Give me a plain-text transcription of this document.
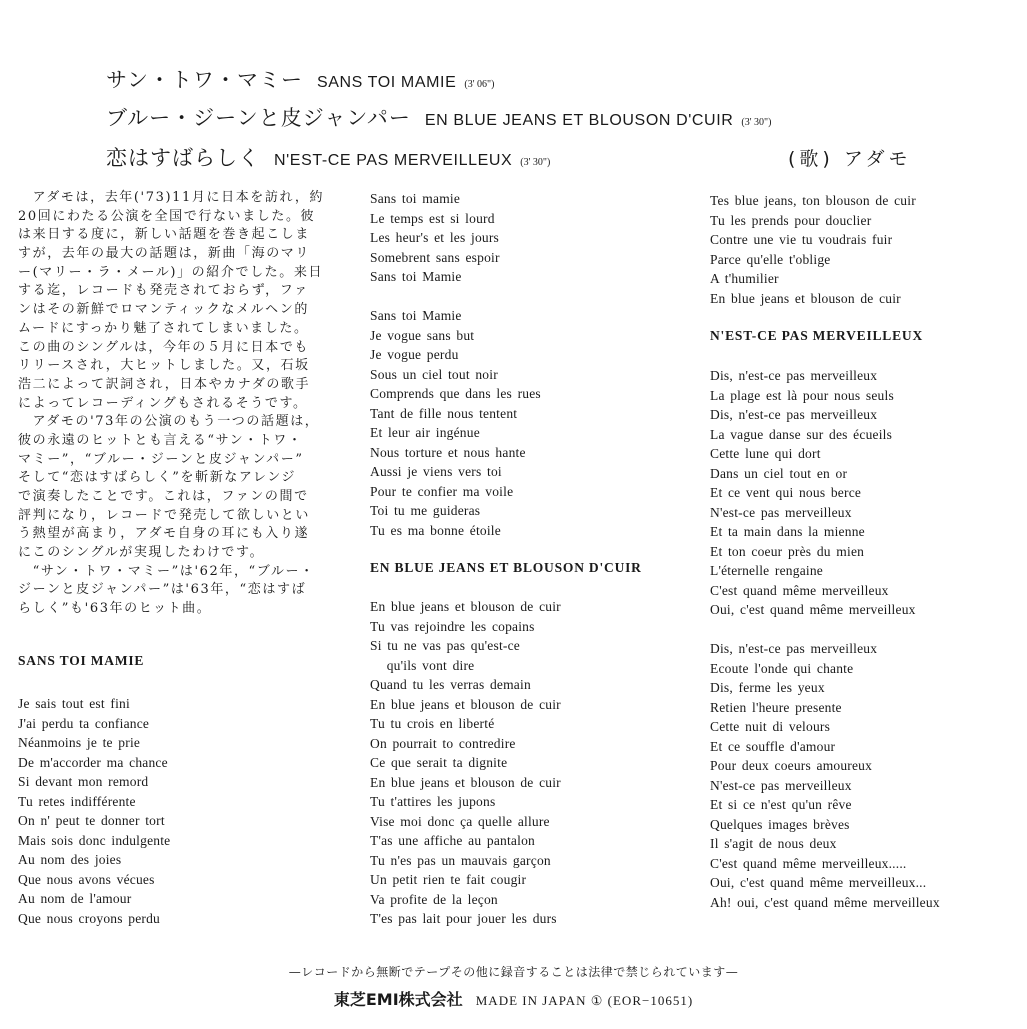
サン・トワ・マミー SANS TOI MAMIE (3' 06")
ブルー・ジーンと皮ジャンパー EN BLUE JEANS ET BLOUSON D'CUIR (3' 30")
恋はすばらしく N'EST-CE PAS MERVEILLEUX (3' 30")	(歌) アダモ
　アダモは，去年('73)11月に日本を訪れ，約
20回にわたる公演を全国で行ないました。彼
は来日する度に，新しい話題を巻き起こしま
すが，去年の最大の話題は，新曲「海のマリ
ー(マリー・ラ・メール)」の紹介でした。来日
する迄，レコードも発売されておらず，ファ
ンはその新鮮でロマンティックなメルヘン的
ムードにすっかり魅了されてしまいました。
この曲のシングルは，今年の５月に日本でも
リリースされ，大ヒットしました。又，石坂
浩二によって訳詞され，日本やカナダの歌手
によってレコーディングもされるそうです。
　アダモの'73年の公演のもう一つの話題は，
彼の永遠のヒットとも言える“サン・トワ・
マミー”，“ブルー・ジーンと皮ジャンパー”
そして“恋はすばらしく”を斬新なアレンジ
で演奏したことです。これは，ファンの間で
評判になり，レコードで発売して欲しいとい
う熱望が高まり，アダモ自身の耳にも入り遂
にこのシングルが実現したわけです。
　“サン・トワ・マミー”は'62年，“ブルー・
ジーンと皮ジャンパー”は'63年，“恋はすば
らしく”も'63年のヒット曲。
SANS TOI MAMIE
Je sais tout est fini
J'ai perdu ta confiance
Néanmoins je te prie
De m'accorder ma chance
Si devant mon remord
Tu retes indifférente
On n' peut te donner tort
Mais sois donc indulgente
Au nom des joies
Que nous avons vécues
Au nom de l'amour
Que nous croyons perdu
Sans toi mamie
Le temps est si lourd
Les heur's et les jours
Somebrent sans espoir
Sans toi Mamie
Sans toi Mamie
Je vogue sans but
Je vogue perdu
Sous un ciel tout noir
Comprends que dans les rues
Tant de fille nous tentent
Et leur air ingénue
Nous torture et nous hante
Aussi je viens vers toi
Pour te confier ma voile
Toi tu me guideras
Tu es ma bonne étoile
EN BLUE JEANS ET BLOUSON D'CUIR
En blue jeans et blouson de cuir
Tu vas rejoindre les copains
Si tu ne vas pas qu'est-ce
qu'ils vont dire
Quand tu les verras demain
En blue jeans et blouson de cuir
Tu tu crois en liberté
On pourrait to contredire
Ce que serait ta dignite
En blue jeans et blouson de cuir
Tu t'attires les jupons
Vise moi donc ça quelle allure
T'as une affiche au pantalon
Tu n'es pas un mauvais garçon
Un petit rien te fait cougir
Va profite de la leçon
T'es pas lait pour jouer les durs
Tes blue jeans, ton blouson de cuir
Tu les prends pour douclier
Contre une vie tu voudrais fuir
Parce qu'elle t'oblige
A t'humilier
En blue jeans et blouson de cuir
N'EST-CE PAS MERVEILLEUX
Dis, n'est-ce pas merveilleux
La plage est là pour nous seuls
Dis, n'est-ce pas merveilleux
La vague danse sur des écueils
Cette lune qui dort
Dans un ciel tout en or
Et ce vent qui nous berce
N'est-ce pas merveilleux
Et ta main dans la mienne
Et ton coeur près du mien
L'éternelle rengaine
C'est quand même merveilleux
Oui, c'est quand même merveilleux
Dis, n'est-ce pas merveilleux
Ecoute l'onde qui chante
Dis, ferme les yeux
Retien l'heure presente
Cette nuit di velours
Et ce souffle d'amour
Pour deux coeurs amoureux
N'est-ce pas merveilleux
Et si ce n'est qu'un rêve
Quelques images brèves
Il s'agit de nous deux
C'est quand même merveilleux.....
Oui, c'est quand même merveilleux...
Ah! oui, c'est quand même merveilleux
—レコードから無断でテープその他に録音することは法律で禁じられています—
東芝EMI株式会社 MADE IN JAPAN ① (EOR−10651)
